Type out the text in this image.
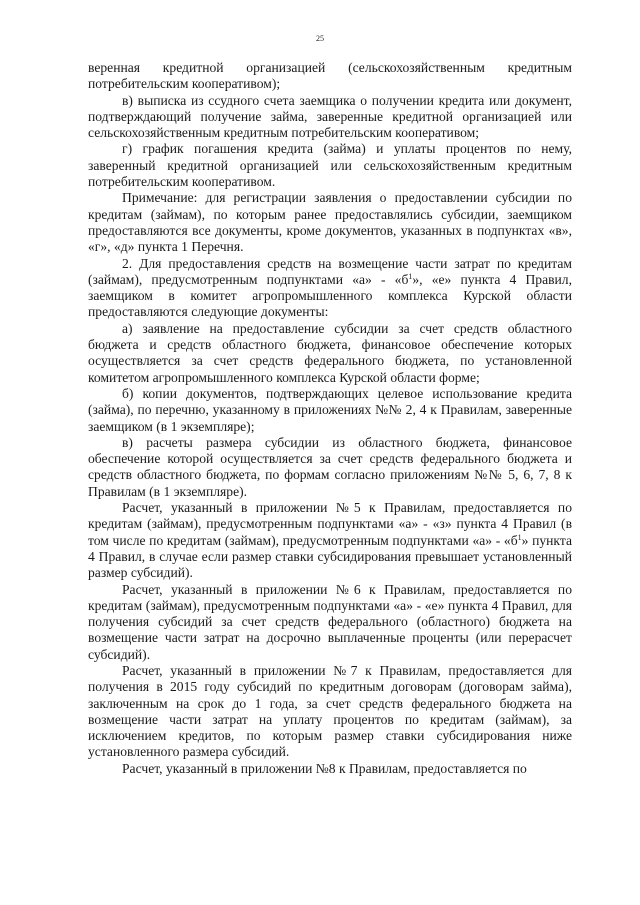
25

веренная кредитной организацией (сельскохозяйственным кредитным потребительским кооперативом);

в) выписка из ссудного счета заемщика о получении кредита или документ, подтверждающий получение займа, заверенные кредитной организацией или сельскохозяйственным кредитным потребительским кооперативом;

г) график погашения кредита (займа) и уплаты процентов по нему, заверенный кредитной организацией или сельскохозяйственным кредитным потребительским кооперативом.

Примечание: для регистрации заявления о предоставлении субсидии по кредитам (займам), по которым ранее предоставлялись субсидии, заемщиком предоставляются все документы, кроме документов, указанных в подпунктах «в», «г», «д» пункта 1 Перечня.

2. Для предоставления средств на возмещение части затрат по кредитам (займам), предусмотренным подпунктами «а» - «$б^1$», «е» пункта 4 Правил, заемщиком в комитет агропромышленного комплекса Курской области предоставляются следующие документы:

а) заявление на предоставление субсидии за счет средств областного бюджета и средств областного бюджета, финансовое обеспечение которых осуществляется за счет средств федерального бюджета, по установленной комитетом агропромышленного комплекса Курской области форме;

б) копии документов, подтверждающих целевое использование кредита (займа), по перечню, указанному в приложениях №№ 2, 4 к Правилам, заверенные заемщиком (в 1 экземпляре);

в) расчеты размера субсидии из областного бюджета, финансовое обеспечение которой осуществляется за счет средств федерального бюджета и средств областного бюджета, по формам согласно приложениям №№ 5, 6, 7, 8 к Правилам (в 1 экземпляре).

Расчет, указанный в приложении №5 к Правилам, предоставляется по кредитам (займам), предусмотренным подпунктами «а» - «з» пункта 4 Правил (в том числе по кредитам (займам), предусмотренным подпунктами «а» - «$б^1$» пункта 4 Правил, в случае если размер ставки субсидирования превышает установленный размер субсидий).

Расчет, указанный в приложении №6 к Правилам, предоставляется по кредитам (займам), предусмотренным подпунктами «а» - «е» пункта 4 Правил, для получения субсидий за счет средств федерального (областного) бюджета на возмещение части затрат на досрочно выплаченные проценты (или перерасчет субсидий).

Расчет, указанный в приложении №7 к Правилам, предоставляется для получения в 2015 году субсидий по кредитным договорам (договорам займа), заключенным на срок до 1 года, за счет средств федерального бюджета на возмещение части затрат на уплату процентов по кредитам (займам), за исключением кредитов, по которым размер ставки субсидирования ниже установленного размера субсидий.

Расчет, указанный в приложении №8 к Правилам, предоставляется по
